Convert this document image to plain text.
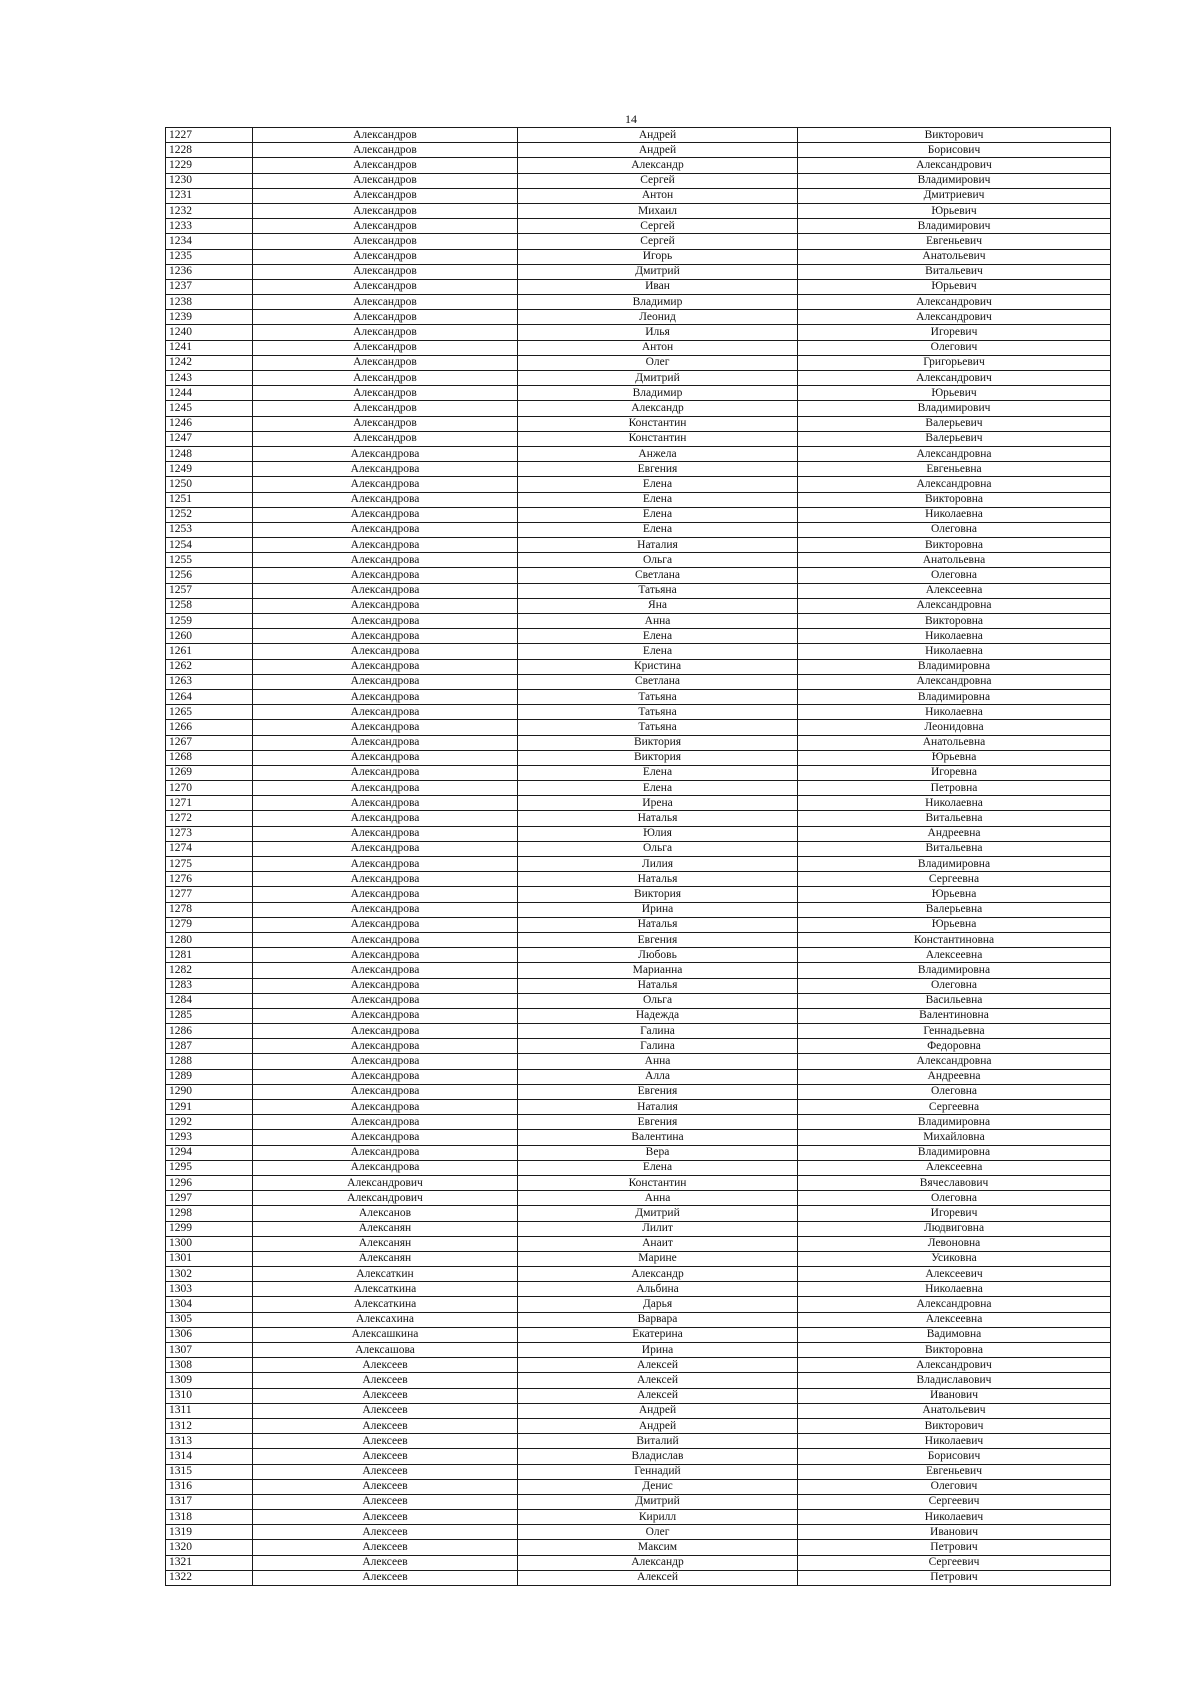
14
1227	Александров	Андрей	Викторович
1228	Александров	Андрей	Борисович
1229	Александров	Александр	Александрович
1230	Александров	Сергей	Владимирович
1231	Александров	Антон	Дмитриевич
1232	Александров	Михаил	Юрьевич
1233	Александров	Сергей	Владимирович
1234	Александров	Сергей	Евгеньевич
1235	Александров	Игорь	Анатольевич
1236	Александров	Дмитрий	Витальевич
1237	Александров	Иван	Юрьевич
1238	Александров	Владимир	Александрович
1239	Александров	Леонид	Александрович
1240	Александров	Илья	Игоревич
1241	Александров	Антон	Олегович
1242	Александров	Олег	Григорьевич
1243	Александров	Дмитрий	Александрович
1244	Александров	Владимир	Юрьевич
1245	Александров	Александр	Владимирович
1246	Александров	Константин	Валерьевич
1247	Александров	Константин	Валерьевич
1248	Александрова	Анжела	Александровна
1249	Александрова	Евгения	Евгеньевна
1250	Александрова	Елена	Александровна
1251	Александрова	Елена	Викторовна
1252	Александрова	Елена	Николаевна
1253	Александрова	Елена	Олеговна
1254	Александрова	Наталия	Викторовна
1255	Александрова	Ольга	Анатольевна
1256	Александрова	Светлана	Олеговна
1257	Александрова	Татьяна	Алексеевна
1258	Александрова	Яна	Александровна
1259	Александрова	Анна	Викторовна
1260	Александрова	Елена	Николаевна
1261	Александрова	Елена	Николаевна
1262	Александрова	Кристина	Владимировна
1263	Александрова	Светлана	Александровна
1264	Александрова	Татьяна	Владимировна
1265	Александрова	Татьяна	Николаевна
1266	Александрова	Татьяна	Леонидовна
1267	Александрова	Виктория	Анатольевна
1268	Александрова	Виктория	Юрьевна
1269	Александрова	Елена	Игоревна
1270	Александрова	Елена	Петровна
1271	Александрова	Ирена	Николаевна
1272	Александрова	Наталья	Витальевна
1273	Александрова	Юлия	Андреевна
1274	Александрова	Ольга	Витальевна
1275	Александрова	Лилия	Владимировна
1276	Александрова	Наталья	Сергеевна
1277	Александрова	Виктория	Юрьевна
1278	Александрова	Ирина	Валерьевна
1279	Александрова	Наталья	Юрьевна
1280	Александрова	Евгения	Константиновна
1281	Александрова	Любовь	Алексеевна
1282	Александрова	Марианна	Владимировна
1283	Александрова	Наталья	Олеговна
1284	Александрова	Ольга	Васильевна
1285	Александрова	Надежда	Валентиновна
1286	Александрова	Галина	Геннадьевна
1287	Александрова	Галина	Федоровна
1288	Александрова	Анна	Александровна
1289	Александрова	Алла	Андреевна
1290	Александрова	Евгения	Олеговна
1291	Александрова	Наталия	Сергеевна
1292	Александрова	Евгения	Владимировна
1293	Александрова	Валентина	Михайловна
1294	Александрова	Вера	Владимировна
1295	Александрова	Елена	Алексеевна
1296	Александрович	Константин	Вячеславович
1297	Александрович	Анна	Олеговна
1298	Алексанов	Дмитрий	Игоревич
1299	Алексанян	Лилит	Людвиговна
1300	Алексанян	Анаит	Левоновна
1301	Алексанян	Марине	Усиковна
1302	Алексаткин	Александр	Алексеевич
1303	Алексаткина	Альбина	Николаевна
1304	Алексаткина	Дарья	Александровна
1305	Алексахина	Варвара	Алексеевна
1306	Алексашкина	Екатерина	Вадимовна
1307	Алексашова	Ирина	Викторовна
1308	Алексеев	Алексей	Александрович
1309	Алексеев	Алексей	Владиславович
1310	Алексеев	Алексей	Иванович
1311	Алексеев	Андрей	Анатольевич
1312	Алексеев	Андрей	Викторович
1313	Алексеев	Виталий	Николаевич
1314	Алексеев	Владислав	Борисович
1315	Алексеев	Геннадий	Евгеньевич
1316	Алексеев	Денис	Олегович
1317	Алексеев	Дмитрий	Сергеевич
1318	Алексеев	Кирилл	Николаевич
1319	Алексеев	Олег	Иванович
1320	Алексеев	Максим	Петрович
1321	Алексеев	Александр	Сергеевич
1322	Алексеев	Алексей	Петрович
